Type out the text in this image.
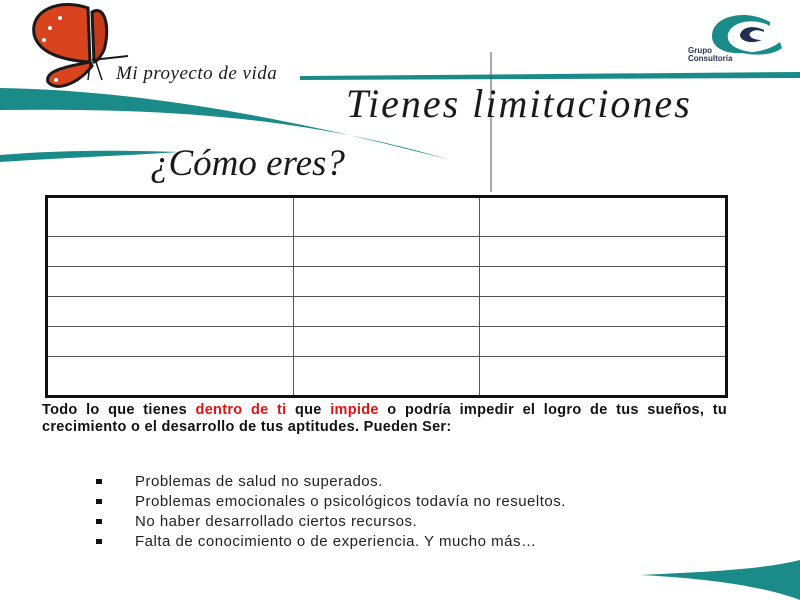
Mi proyecto de vida
Grupo
Consultoría
Tienes limitaciones
¿Cómo eres?

Todo lo que tienes dentro de ti que impide o podría impedir el logro de tus sueños, tu crecimiento o el desarrollo de tus aptitudes. Pueden Ser:
Problemas de salud no superados.
Problemas emocionales o psicológicos todavía no resueltos.
No haber desarrollado ciertos recursos.
Falta de conocimiento o de experiencia. Y mucho más…
